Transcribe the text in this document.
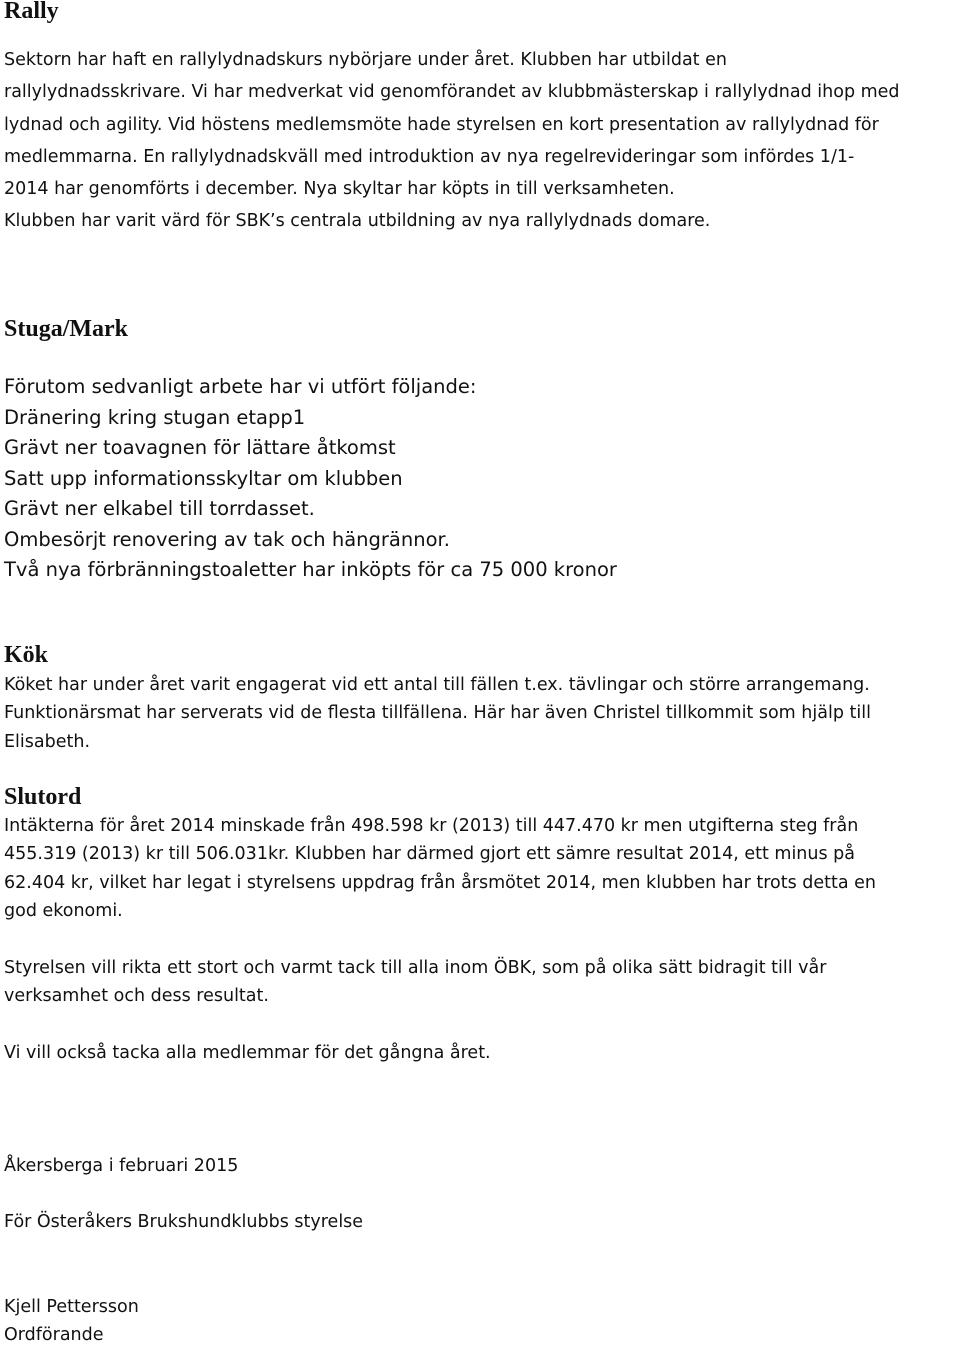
Rally
Sektorn har haft en rallylydnadskurs nybörjare under året. Klubben har utbildat en
rallylydnadsskrivare. Vi har medverkat vid genomförandet av klubbmästerskap i rallylydnad ihop med
lydnad och agility. Vid höstens medlemsmöte hade styrelsen en kort presentation av rallylydnad för
medlemmarna. En rallylydnadskväll med introduktion av nya regelrevideringar som infördes 1/1-
2014 har genomförts i december. Nya skyltar har köpts in till verksamheten.
Klubben har varit värd för SBK’s centrala utbildning av nya rallylydnads domare.
Stuga/Mark
Förutom sedvanligt arbete har vi utfört följande:
Dränering kring stugan etapp1
Grävt ner toavagnen för lättare åtkomst
Satt upp informationsskyltar om klubben
Grävt ner elkabel till torrdasset.
Ombesörjt renovering av tak och hängrännor.
Två nya förbränningstoaletter har inköpts för ca 75 000 kronor
Kök
Köket har under året varit engagerat vid ett antal till fällen t.ex. tävlingar och större arrangemang.
Funktionärsmat har serverats vid de flesta tillfällena. Här har även Christel tillkommit som hjälp till
Elisabeth.
Slutord
Intäkterna för året 2014 minskade från 498.598 kr (2013) till 447.470 kr men utgifterna steg från
455.319 (2013) kr till 506.031kr. Klubben har därmed gjort ett sämre resultat 2014, ett minus på
62.404 kr, vilket har legat i styrelsens uppdrag från årsmötet 2014, men klubben har trots detta en
god ekonomi.
Styrelsen vill rikta ett stort och varmt tack till alla inom ÖBK, som på olika sätt bidragit till vår
verksamhet och dess resultat.
Vi vill också tacka alla medlemmar för det gångna året.
Åkersberga i februari 2015
För Österåkers Brukshundklubbs styrelse
Kjell Pettersson
Ordförande
